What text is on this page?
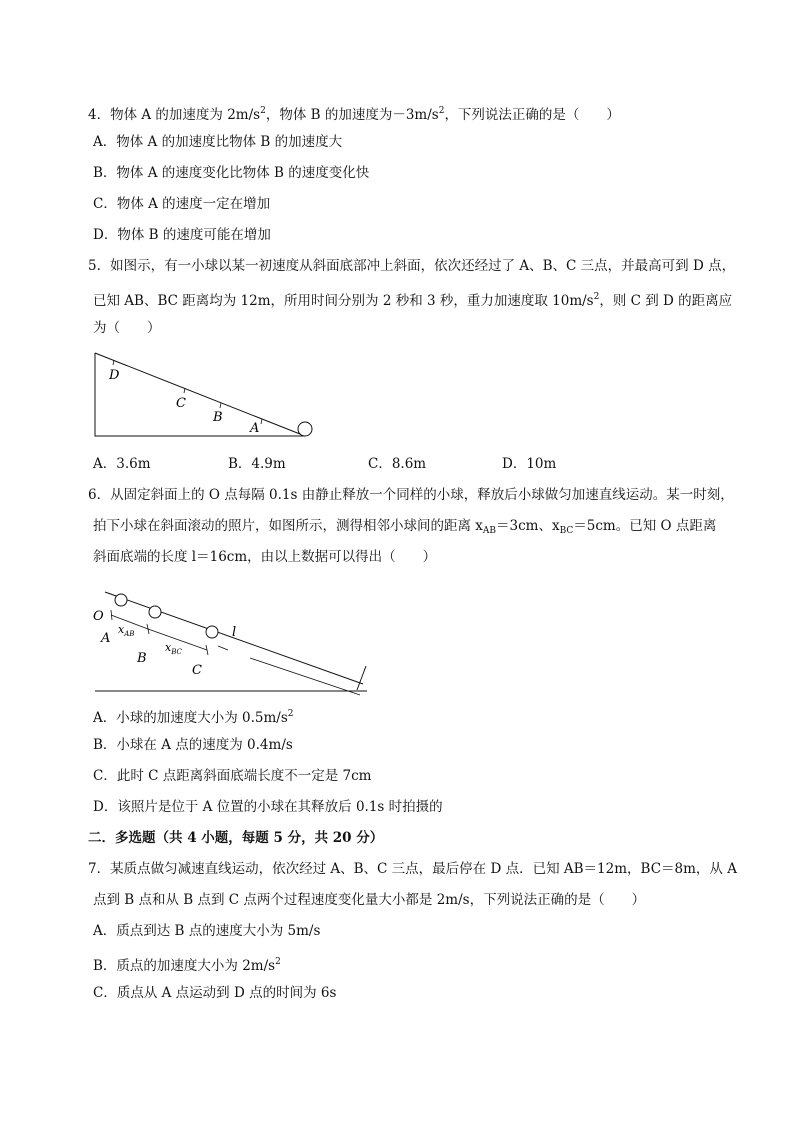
4．物体 A 的加速度为 $2m/s^2$，物体 B 的加速度为$-3m/s^2$，下列说法正确的是（　　）
A．物体 A 的加速度比物体 B 的加速度大
B．物体 A 的速度变化比物体 B 的速度变化快
C．物体 A 的速度一定在增加
D．物体 B 的速度可能在增加
5．如图示，有一小球以某一初速度从斜面底部冲上斜面，依次还经过了 A、B、C 三点，并最高可到 D 点，
已知 AB、BC 距离均为 12m，所用时间分别为 2 秒和 3 秒，重力加速度取 $10m/s^2$，则 C 到 D 的距离应
为（　　）
D
C
B
A
A．3.6m	B．4.9m	C．8.6m	D．10m
6．从固定斜面上的 O 点每隔 0.1s 由静止释放一个同样的小球，释放后小球做匀加速直线运动。某一时刻，
拍下小球在斜面滚动的照片，如图所示，测得相邻小球间的距离 $x_{AB}=3cm$、$x_{BC}=5cm$。已知 O 点距离
斜面底端的长度 l＝16cm，由以上数据可以得出（　　）
O
A
B
C
l
$x_{AB}$
$x_{BC}$
A．小球的加速度大小为 $0.5m/s^2$
B．小球在 A 点的速度为 0.4m/s
C．此时 C 点距离斜面底端长度不一定是 7cm
D．该照片是位于 A 位置的小球在其释放后 0.1s 时拍摄的
二．多选题（共 4 小题，每题 5 分，共 20 分）
7．某质点做匀减速直线运动，依次经过 A、B、C 三点，最后停在 D 点．已知 AB＝12m，BC＝8m，从 A
点到 B 点和从 B 点到 C 点两个过程速度变化量大小都是 2m/s，下列说法正确的是（　　）
A．质点到达 B 点的速度大小为 5m/s
B．质点的加速度大小为 $2m/s^2$
C．质点从 A 点运动到 D 点的时间为 6s
